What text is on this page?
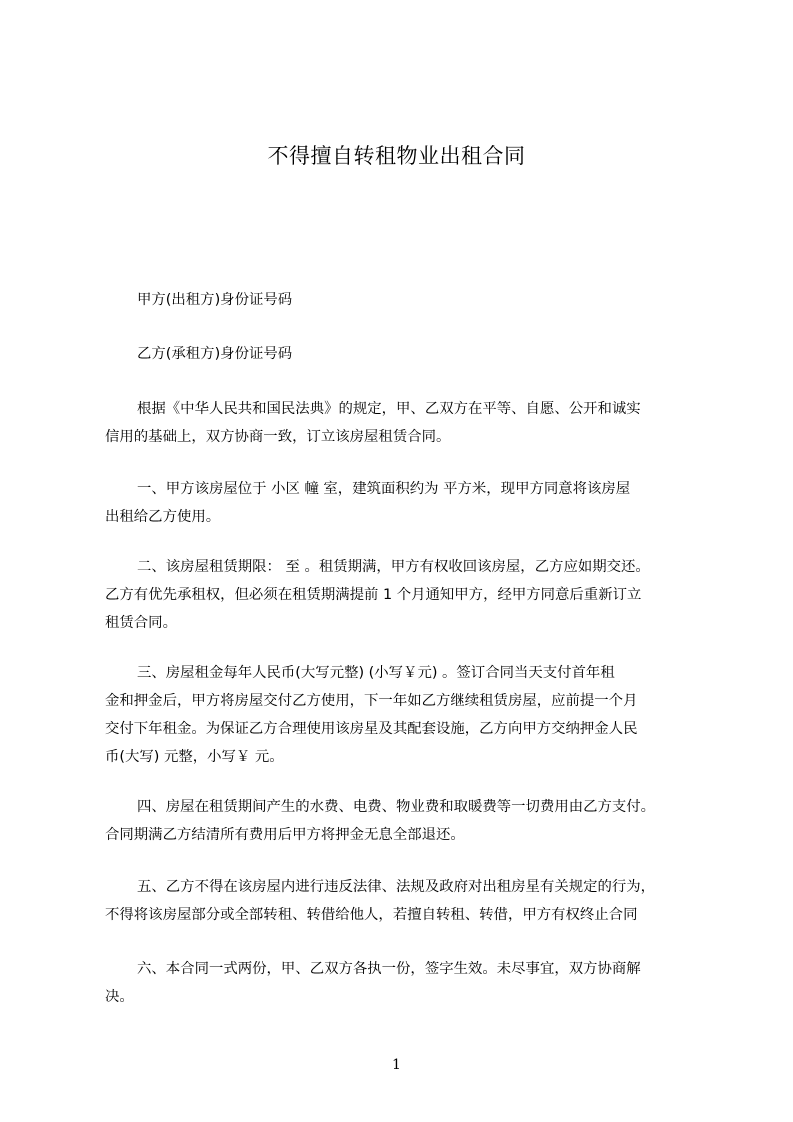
不得擅自转租物业出租合同

甲方(出租方)身份证号码

乙方(承租方)身份证号码

根据《中华人民共和国民法典》的规定，甲、乙双方在平等、自愿、公开和诚实
信用的基础上，双方协商一致，订立该房屋租赁合同。

一、甲方该房屋位于 小区 幢 室，建筑面积约为 平方米，现甲方同意将该房屋
出租给乙方使用。

二、该房屋租赁期限： 至 。租赁期满，甲方有权收回该房屋，乙方应如期交还。
乙方有优先承租权，但必须在租赁期满提前 1 个月通知甲方，经甲方同意后重新订立
租赁合同。

三、房屋租金每年人民币(大写元整) (小写￥元) 。签订合同当天支付首年租
金和押金后，甲方将房屋交付乙方使用，下一年如乙方继续租赁房屋，应前提一个月
交付下年租金。为保证乙方合理使用该房星及其配套设施，乙方向甲方交纳押金人民
币(大写) 元整，小写￥ 元。

四、房屋在租赁期间产生的水费、电费、物业费和取暖费等一切费用由乙方支付。
合同期满乙方结清所有费用后甲方将押金无息全部退还。

五、乙方不得在该房屋内进行违反法律、法规及政府对出租房星有关规定的行为，
不得将该房屋部分或全部转租、转借给他人，若擅自转租、转借，甲方有权终止合同

六、本合同一式两份，甲、乙双方各执一份，签字生效。未尽事宜，双方协商解
决。

1
